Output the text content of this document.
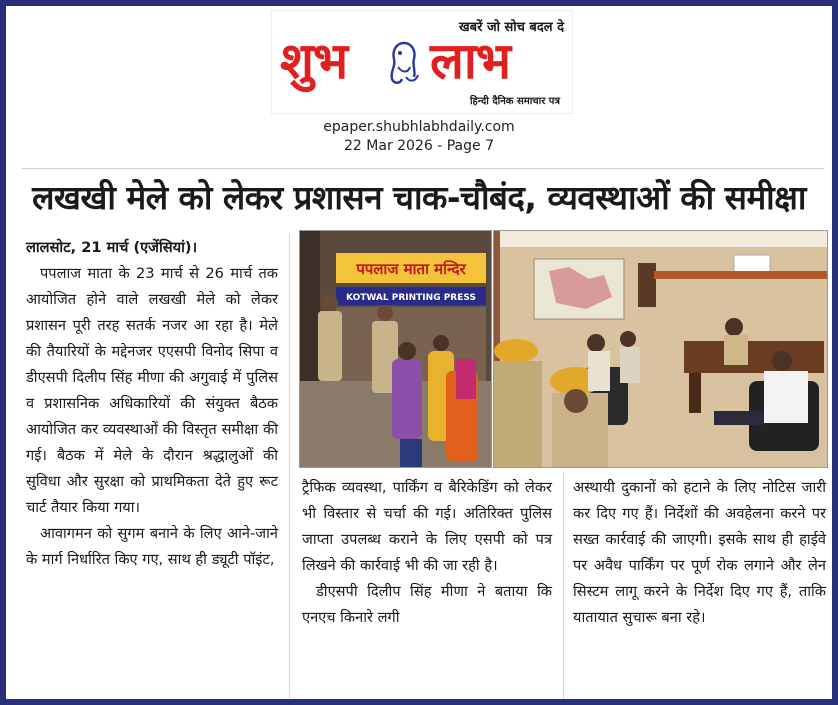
खबरें जो सोच बदल दे
शुभ लाभ
हिन्दी दैनिक समाचार पत्र
epaper.shubhlabhdaily.com
22 Mar 2026 - Page 7
लखखी मेले को लेकर प्रशासन चाक-चौबंद, व्यवस्थाओं की समीक्षा

लालसोट, 21 मार्च (एजेंसियां)।

पपलाज माता के 23 मार्च से 26 मार्च तक आयोजित होने वाले लखखी मेले को लेकर प्रशासन पूरी तरह सतर्क नजर आ रहा है। मेले की तैयारियों के मद्देनजर एएसपी विनोद सिपा व डीएसपी दिलीप सिंह मीणा की अगुवाई में पुलिस व प्रशासनिक अधिकारियों की संयुक्त बैठक आयोजित कर व्यवस्थाओं की विस्तृत समीक्षा की गई। बैठक में मेले के दौरान श्रद्धालुओं की सुविधा और सुरक्षा को प्राथमिकता देते हुए रूट चार्ट तैयार किया गया।

आवागमन को सुगम बनाने के लिए आने-जाने के मार्ग निर्धारित किए गए, साथ ही ड्यूटी पॉइंट,

पपलाज माता मन्दिर
KOTWAL PRINTING PRESS

ट्रैफिक व्यवस्था, पार्किंग व बैरिकेडिंग को लेकर भी विस्तार से चर्चा की गई। अतिरिक्त पुलिस जाप्ता उपलब्ध कराने के लिए एसपी को पत्र लिखने की कार्रवाई भी की जा रही है।

डीएसपी दिलीप सिंह मीणा ने बताया कि एनएच किनारे लगी

अस्थायी दुकानों को हटाने के लिए नोटिस जारी कर दिए गए हैं। निर्देशों की अवहेलना करने पर सख्त कार्रवाई की जाएगी। इसके साथ ही हाईवे पर अवैध पार्किंग पर पूर्ण रोक लगाने और लेन सिस्टम लागू करने के निर्देश दिए गए हैं, ताकि यातायात सुचारू बना रहे।
